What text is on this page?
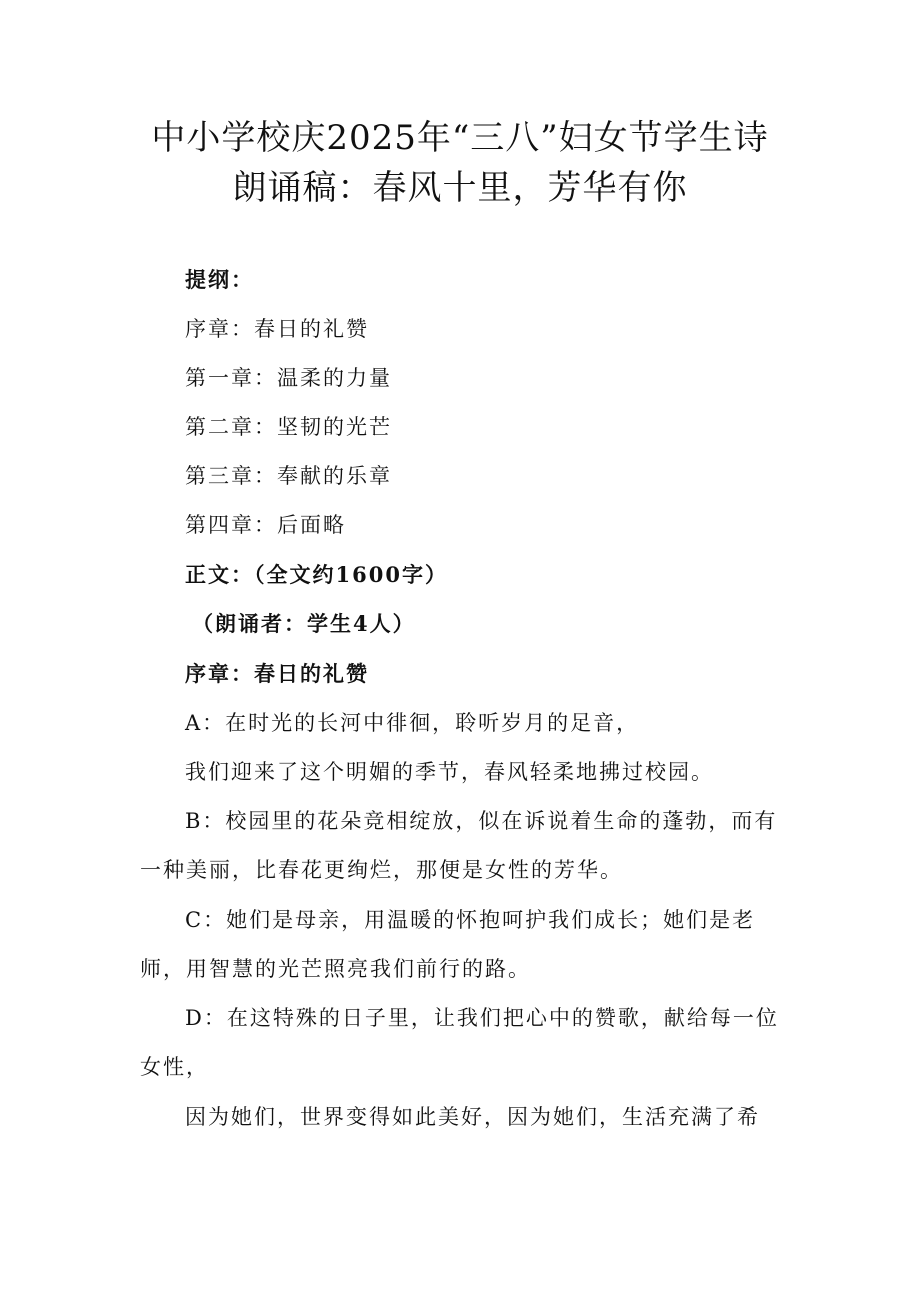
中小学校庆2025年“三八”妇女节学生诗
朗诵稿：春风十里，芳华有你
提纲：
序章：春日的礼赞
第一章：温柔的力量
第二章：坚韧的光芒
第三章：奉献的乐章
第四章：后面略
正文：（全文约1600字）
（朗诵者：学生4人）
序章：春日的礼赞
A：在时光的长河中徘徊，聆听岁月的足音，
我们迎来了这个明媚的季节，春风轻柔地拂过校园。
B：校园里的花朵竞相绽放，似在诉说着生命的蓬勃，而有
一种美丽，比春花更绚烂，那便是女性的芳华。
C：她们是母亲，用温暖的怀抱呵护我们成长；她们是老
师，用智慧的光芒照亮我们前行的路。
D：在这特殊的日子里，让我们把心中的赞歌，献给每一位
女性，
因为她们，世界变得如此美好，因为她们，生活充满了希
